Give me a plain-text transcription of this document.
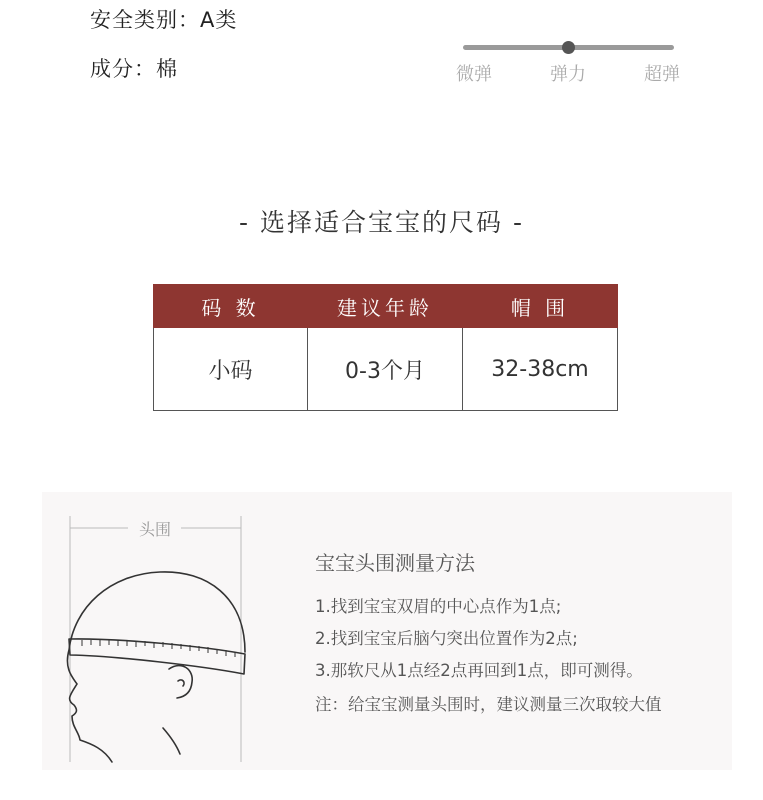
安全类别：A类
成分：棉	微弹	弹力	超弹
- 选择适合宝宝的尺码 -
码 数	建议年龄	帽 围
小码	0-3个月	32-38cm
头围
宝宝头围测量方法
1.找到宝宝双眉的中心点作为1点;
2.找到宝宝后脑勺突出位置作为2点;
3.那软尺从1点经2点再回到1点，即可测得。
注：给宝宝测量头围时，建议测量三次取较大值
